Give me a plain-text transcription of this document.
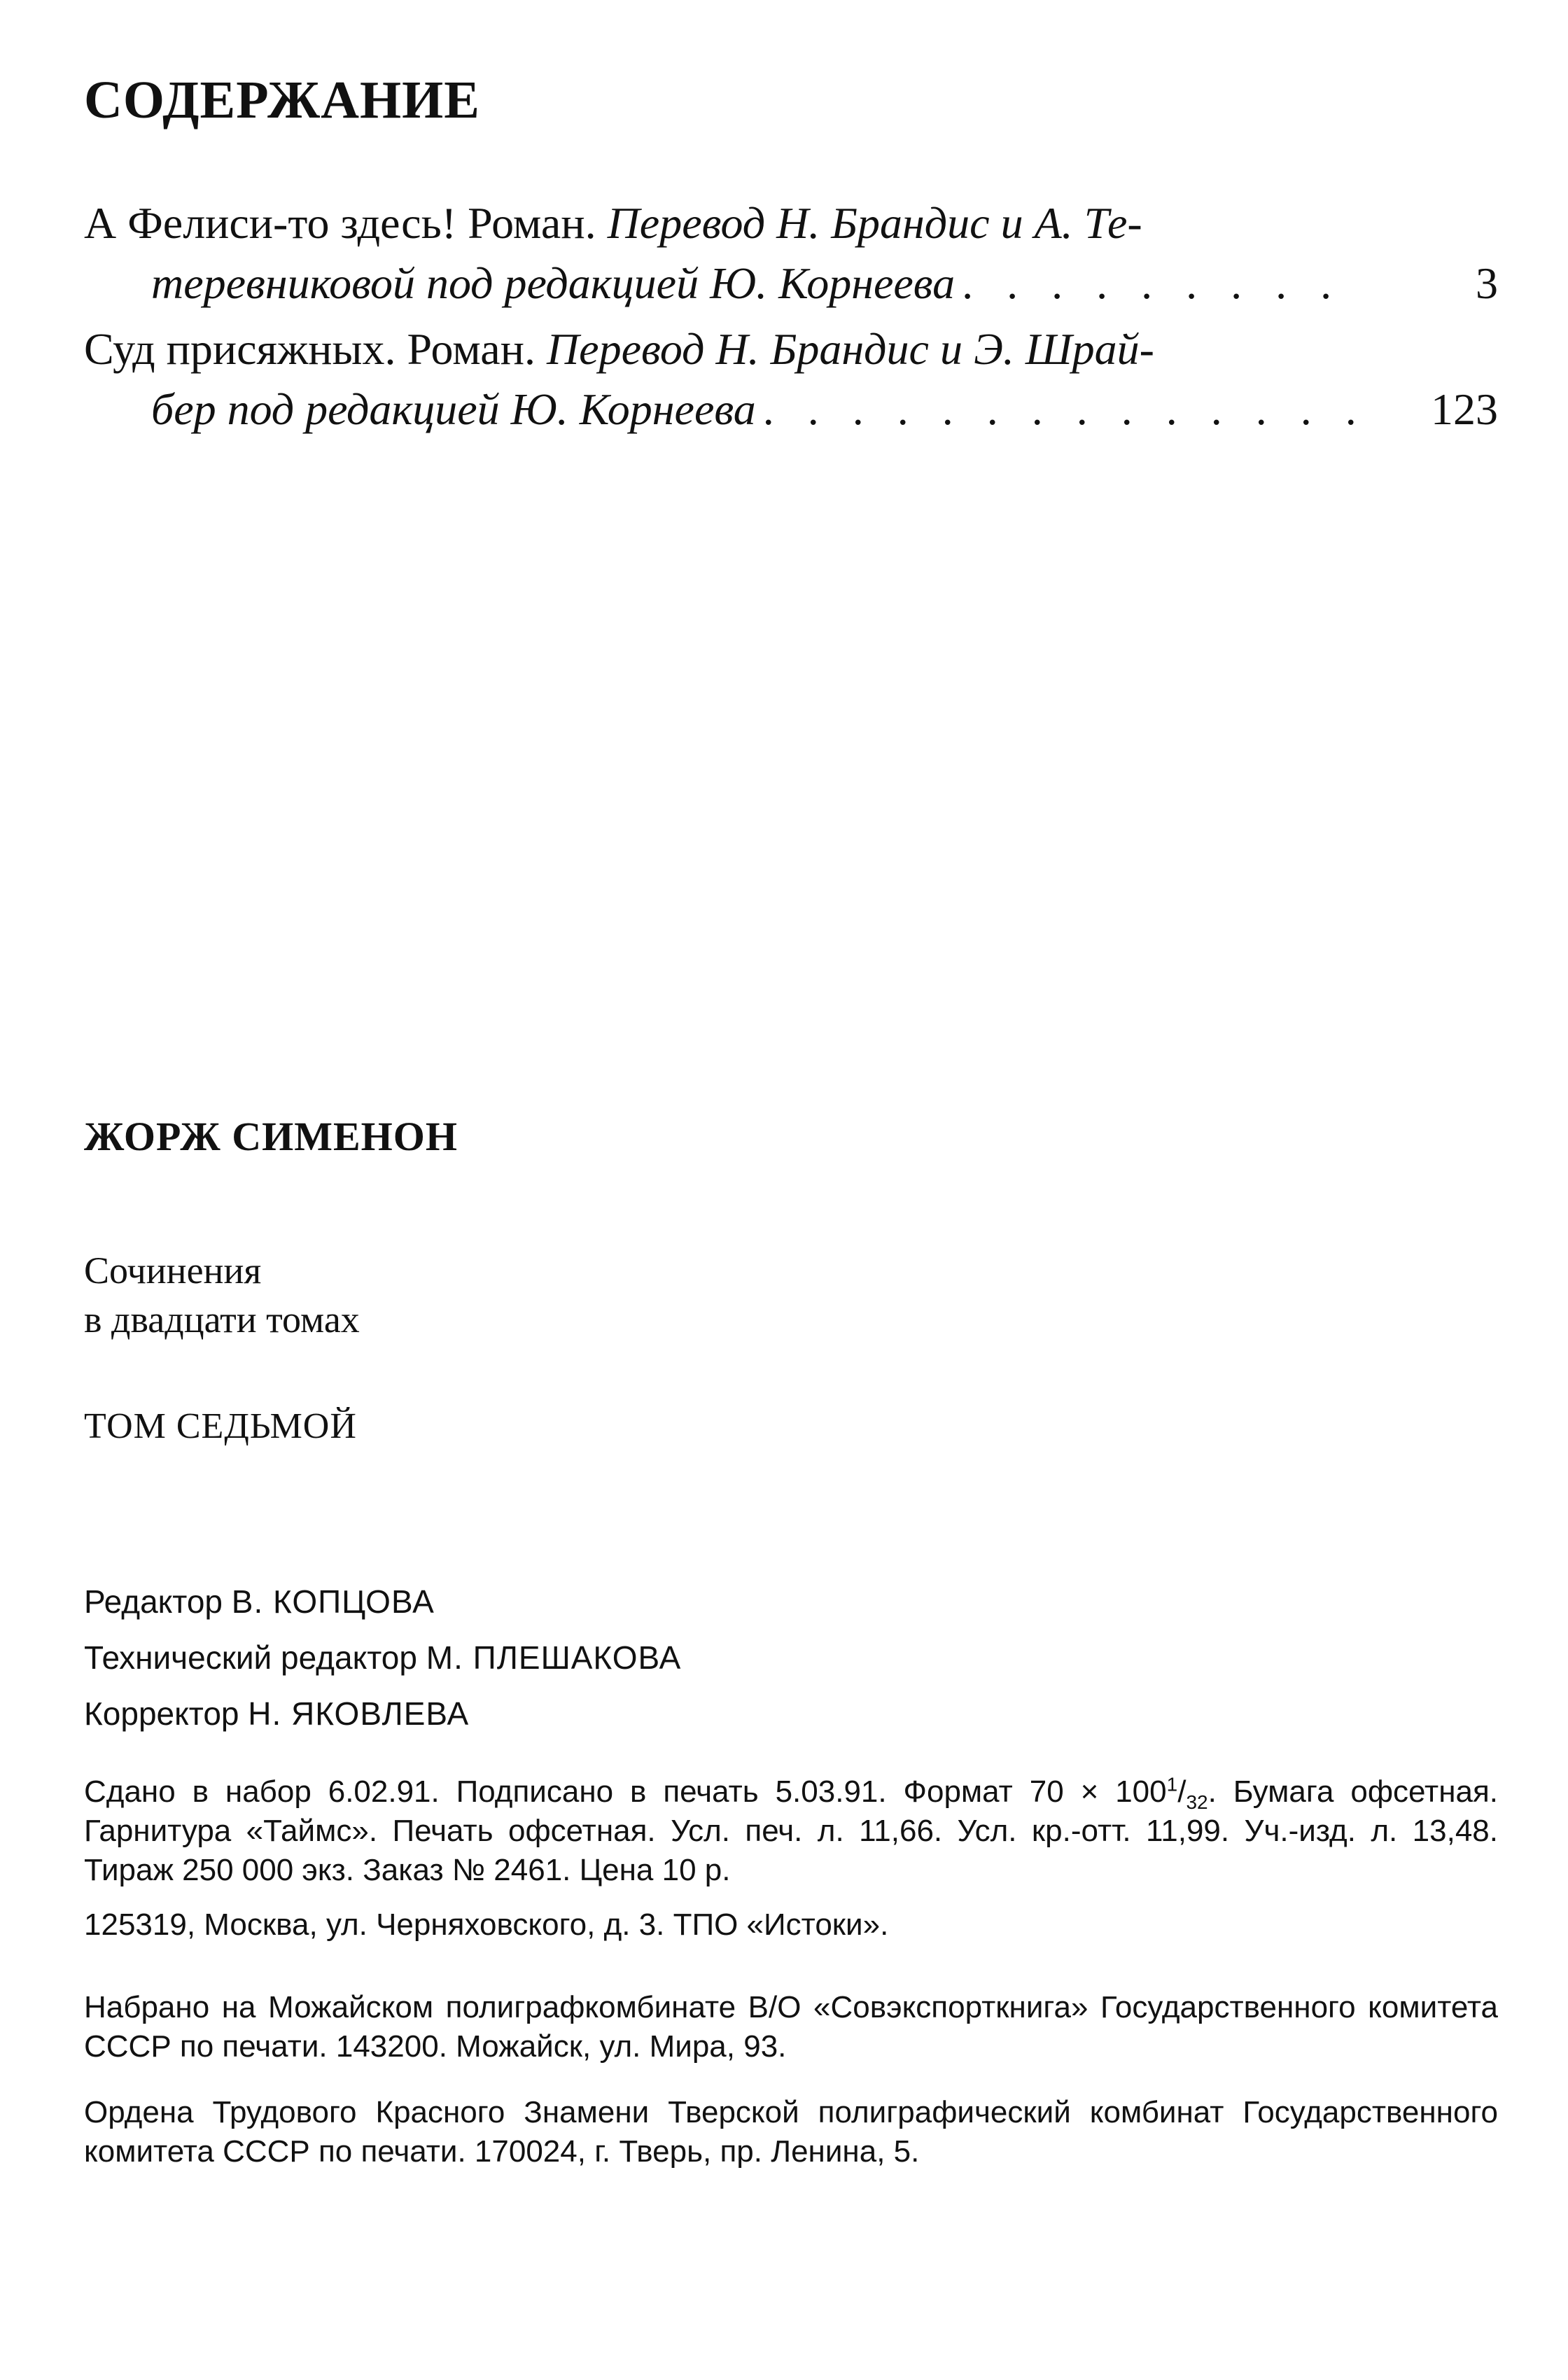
СОДЕРЖАНИЕ
А Фелиси-то здесь! Роман. Перевод Н. Брандис и А. Те-
теревниковой под редакцией Ю. Корнеева . . .	3
Суд присяжных. Роман. Перевод Н. Брандис и Э. Шрай-
бер под редакцией Ю. Корнеева . . .	123
ЖОРЖ СИМЕНОН
Сочинения
в двадцати томах
ТОМ СЕДЬМОЙ
Редактор В. КОПЦОВА
Технический редактор М. ПЛЕШАКОВА
Корректор Н. ЯКОВЛЕВА

Сдано в набор 6.02.91. Подписано в печать 5.03.91. Формат $70 \times 100^1/_{32}$. Бумага офсетная. Гарнитура «Таймс». Печать офсетная. Усл. печ. л. 11,66. Усл. кр.-отт. 11,99. Уч.-изд. л. 13,48. Тираж 250 000 экз. Заказ № 2461. Цена 10 р.

125319, Москва, ул. Черняховского, д. 3. ТПО «Истоки».

Набрано на Можайском полиграфкомбинате В/О «Совэкспорткнига» Государственного комитета СССР по печати. 143200. Можайск, ул. Мира, 93.

Ордена Трудового Красного Знамени Тверской полиграфический комбинат Государственного комитета СССР по печати. 170024, г. Тверь, пр. Ленина, 5.
